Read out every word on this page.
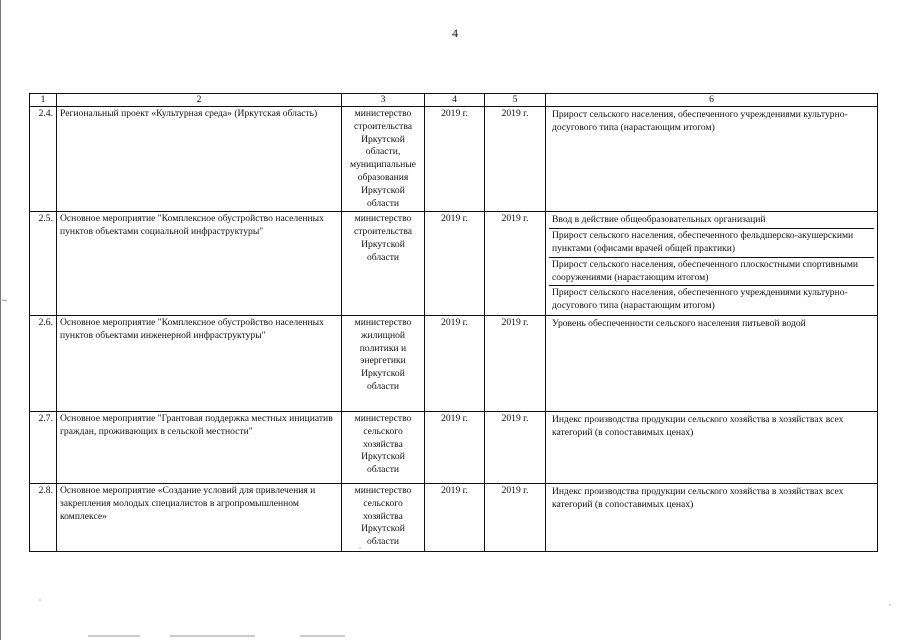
4
1	2	3	4	5	6
2.4.	Региональный проект «Культурная среда» (Иркутская область)	министерство строительства Иркутской области, муниципальные образования Иркутской области	2019 г.	2019 г.	Прирост сельского населения, обеспеченного учреждениями культурно-досугового типа (нарастающим итогом)

2.5.	Основное мероприятие "Комплексное обустройство населенных пунктов объектами социальной инфраструктуры"	министерство строительства Иркутской области	2019 г.	2019 г.	Ввод в действие общеобразовательных организаций
Прирост сельского населения, обеспеченного фельдшерско-акушерскими пунктами (офисами врачей общей практики)
Прирост сельского населения, обеспеченного плоскостными спортивными сооружениями (нарастающим итогом)
Прирост сельского населения, обеспеченного учреждениями культурно-досугового типа (нарастающим итогом)

2.6.	Основное мероприятие "Комплексное обустройство населенных пунктов объектами инженерной инфраструктуры"	министерство жилищной политики и энергетики Иркутской области	2019 г.	2019 г.	Уровень обеспеченности сельского населения питьевой водой

2.7.	Основное мероприятие "Грантовая поддержка местных инициатив граждан, проживающих в сельской местности"	министерство сельского хозяйства Иркутской области	2019 г.	2019 г.	Индекс производства продукции сельского хозяйства в хозяйствах всех категорий (в сопоставимых ценах)

2.8.	Основное мероприятие «Создание условий для привлечения и закрепления молодых специалистов в агропромышленном комплексе»	министерство сельского хозяйства Иркутской области	2019 г.	2019 г.	Индекс производства продукции сельского хозяйства в хозяйствах всех категорий (в сопоставимых ценах)
